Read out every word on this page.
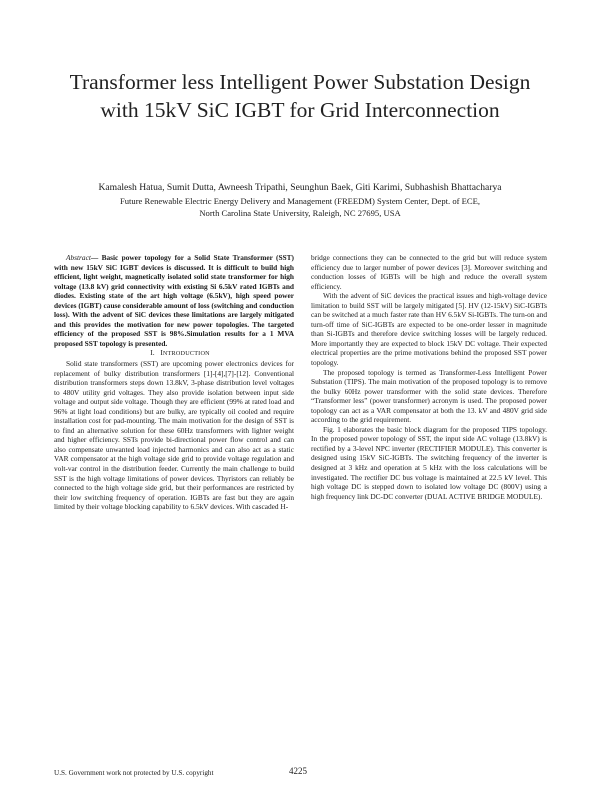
Transformer less Intelligent Power Substation Design
with 15kV SiC IGBT for Grid Interconnection
Kamalesh Hatua, Sumit Dutta, Awneesh Tripathi, Seunghun Baek, Giti Karimi, Subhashish Bhattacharya
Future Renewable Electric Energy Delivery and Management (FREEDM) System Center, Dept. of ECE,
North Carolina State University, Raleigh, NC 27695, USA

Abstract— Basic power topology for a Solid State Transformer (SST) with new 15kV SiC IGBT devices is discussed. It is difficult to build high efficient, light weight, magnetically isolated solid state transformer for high voltage (13.8 kV) grid connectivity with existing Si 6.5kV rated IGBTs and diodes. Existing state of the art high voltage (6.5kV), high speed power devices (IGBT) cause considerable amount of loss (switching and conduction loss). With the advent of SiC devices these limitations are largely mitigated and this provides the motivation for new power topologies. The targeted efficiency of the proposed SST is 98%.Simulation results for a 1 MVA proposed SST topology is presented.

I. INTRODUCTION

Solid state transformers (SST) are upcoming power electronics devices for replacement of bulky distribution transformers [1]-[4],[7]-[12]. Conventional distribution transformers steps down 13.8kV, 3-phase distribution level voltages to 480V utility grid voltages. They also provide isolation between input side voltage and output side voltage. Though they are efficient (99% at rated load and 96% at light load conditions) but are bulky, are typically oil cooled and require installation cost for pad-mounting. The main motivation for the design of SST is to find an alternative solution for these 60Hz transformers with lighter weight and higher efficiency. SSTs provide bi-directional power flow control and can also compensate unwanted load injected harmonics and can also act as a static VAR compensator at the high voltage side grid to provide voltage regulation and volt-var control in the distribution feeder. Currently the main challenge to build SST is the high voltage limitations of power devices. Thyristors can reliably be connected to the high voltage side grid, but their performances are restricted by their low switching frequency of operation. IGBTs are fast but they are again limited by their voltage blocking capability to 6.5kV devices. With cascaded H-

bridge connections they can be connected to the grid but will reduce system efficiency due to larger number of power devices [3]. Moreover switching and conduction losses of IGBTs will be high and reduce the overall system efficiency.

With the advent of SiC devices the practical issues and high-voltage device limitation to build SST will be largely mitigated [5]. HV (12-15kV) SiC-IGBTs can be switched at a much faster rate than HV 6.5kV Si-IGBTs. The turn-on and turn-off time of SiC-IGBTs are expected to be one-order lesser in magnitude than Si-IGBTs and therefore device switching losses will be largely reduced. More importantly they are expected to block 15kV DC voltage. Their expected electrical properties are the prime motivations behind the proposed SST power topology.

The proposed topology is termed as Transformer-Less Intelligent Power Substation (TIPS). The main motivation of the proposed topology is to remove the bulky 60Hz power transformer with the solid state devices. Therefore “Transformer less” (power transformer) acronym is used. The proposed power topology can act as a VAR compensator at both the 13. kV and 480V grid side according to the grid requirement.

Fig. 1 elaborates the basic block diagram for the proposed TIPS topology. In the proposed power topology of SST, the input side AC voltage (13.8kV) is rectified by a 3-level NPC inverter (RECTIFIER MODULE). This converter is designed using 15kV SiC-IGBTs. The switching frequency of the inverter is designed at 3 kHz and operation at 5 kHz with the loss calculations will be investigated. The rectifier DC bus voltage is maintained at 22.5 kV level. This high voltage DC is stepped down to isolated low voltage DC (800V) using a high frequency link DC-DC converter (DUAL ACTIVE BRIDGE MODULE).

U.S. Government work not protected by U.S. copyright	4225
